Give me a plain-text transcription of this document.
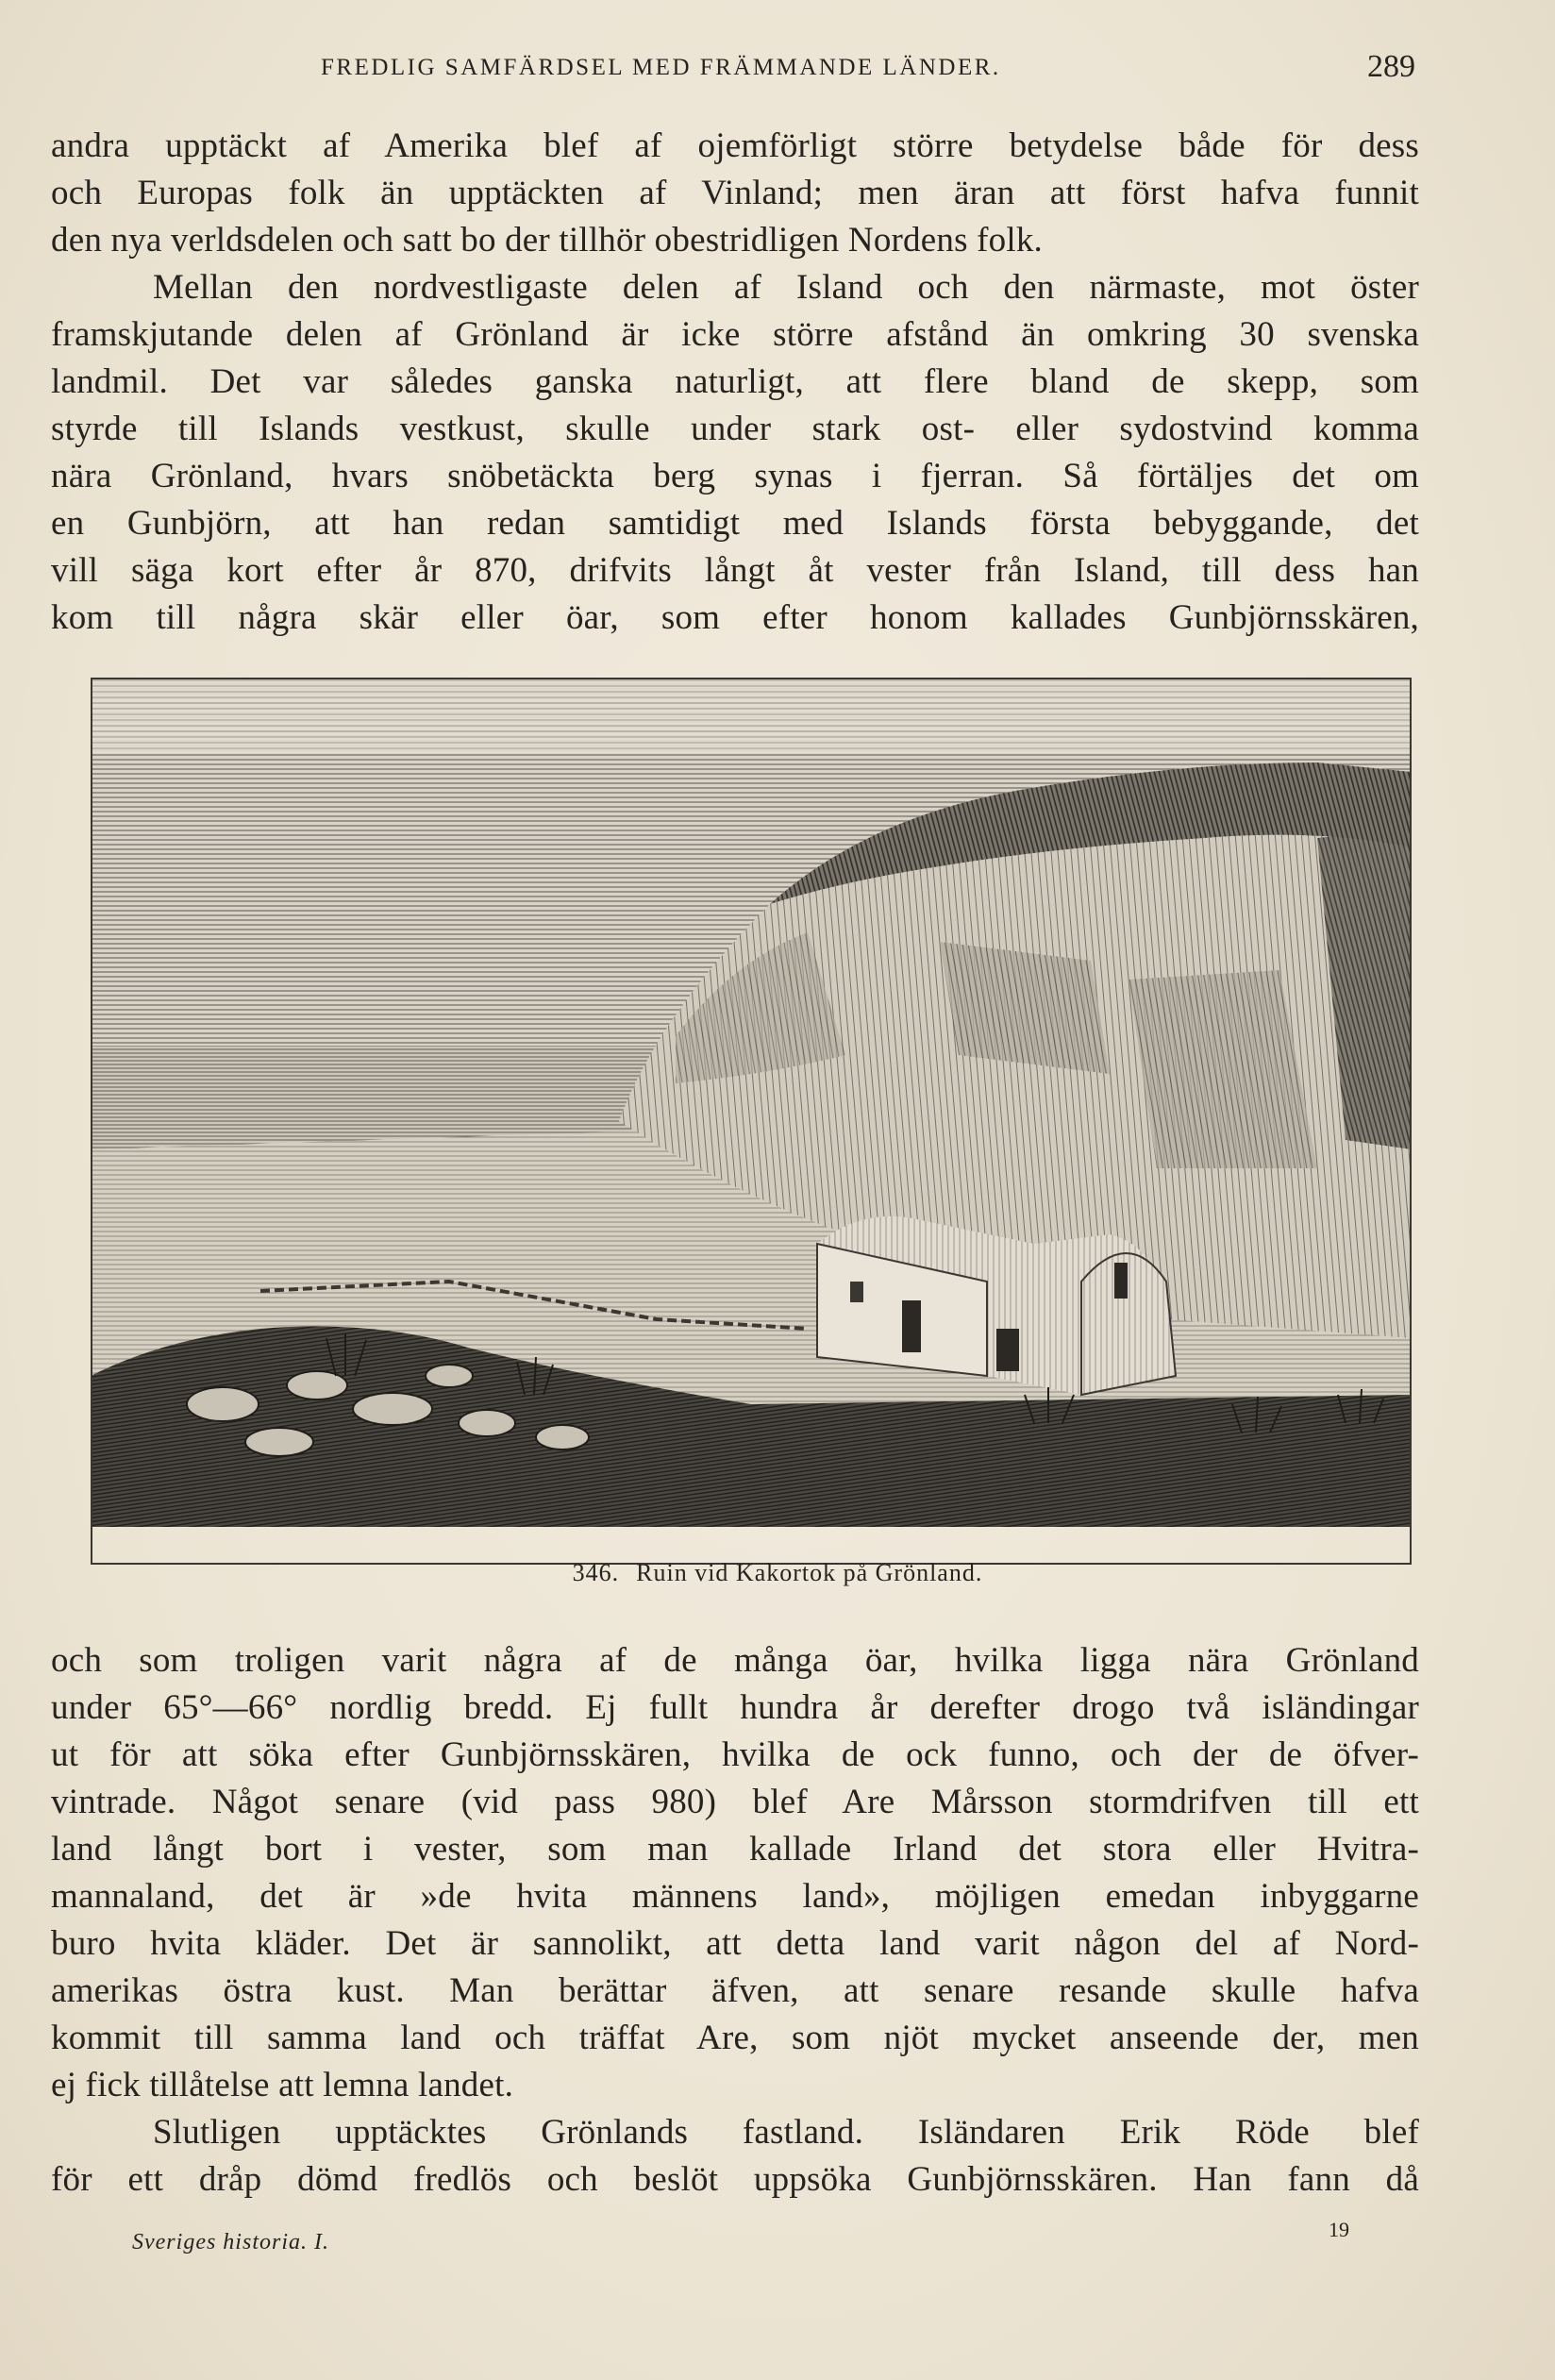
FREDLIG SAMFÄRDSEL MED FRÄMMANDE LÄNDER.	289

andra upptäckt af Amerika blef af ojemförligt större betydelse både för dess
och Europas folk än upptäckten af Vinland; men äran att först hafva funnit
den nya verldsdelen och satt bo der tillhör obestridligen Nordens folk.

Mellan den nordvestligaste delen af Island och den närmaste, mot öster
framskjutande delen af Grönland är icke större afstånd än omkring 30 svenska
landmil. Det var således ganska naturligt, att flere bland de skepp, som
styrde till Islands vestkust, skulle under stark ost- eller sydostvind komma
nära Grönland, hvars snöbetäckta berg synas i fjerran. Så förtäljes det om
en Gunbjörn, att han redan samtidigt med Islands första bebyggande, det
vill säga kort efter år 870, drifvits långt åt vester från Island, till dess han
kom till några skär eller öar, som efter honom kallades Gunbjörnsskären,

346. Ruin vid Kakortok på Grönland.

och som troligen varit några af de många öar, hvilka ligga nära Grönland
under 65°—66° nordlig bredd. Ej fullt hundra år derefter drogo två isländingar
ut för att söka efter Gunbjörnsskären, hvilka de ock funno, och der de öfver-
vintrade. Något senare (vid pass 980) blef Are Mårsson stormdrifven till ett
land långt bort i vester, som man kallade Irland det stora eller Hvitra-
mannaland, det är »de hvita männens land», möjligen emedan inbyggarne
buro hvita kläder. Det är sannolikt, att detta land varit någon del af Nord-
amerikas östra kust. Man berättar äfven, att senare resande skulle hafva
kommit till samma land och träffat Are, som njöt mycket anseende der, men
ej fick tillåtelse att lemna landet.

Slutligen upptäcktes Grönlands fastland. Isländaren Erik Röde blef
för ett dråp dömd fredlös och beslöt uppsöka Gunbjörnsskären. Han fann då

Sveriges historia. I.
19
